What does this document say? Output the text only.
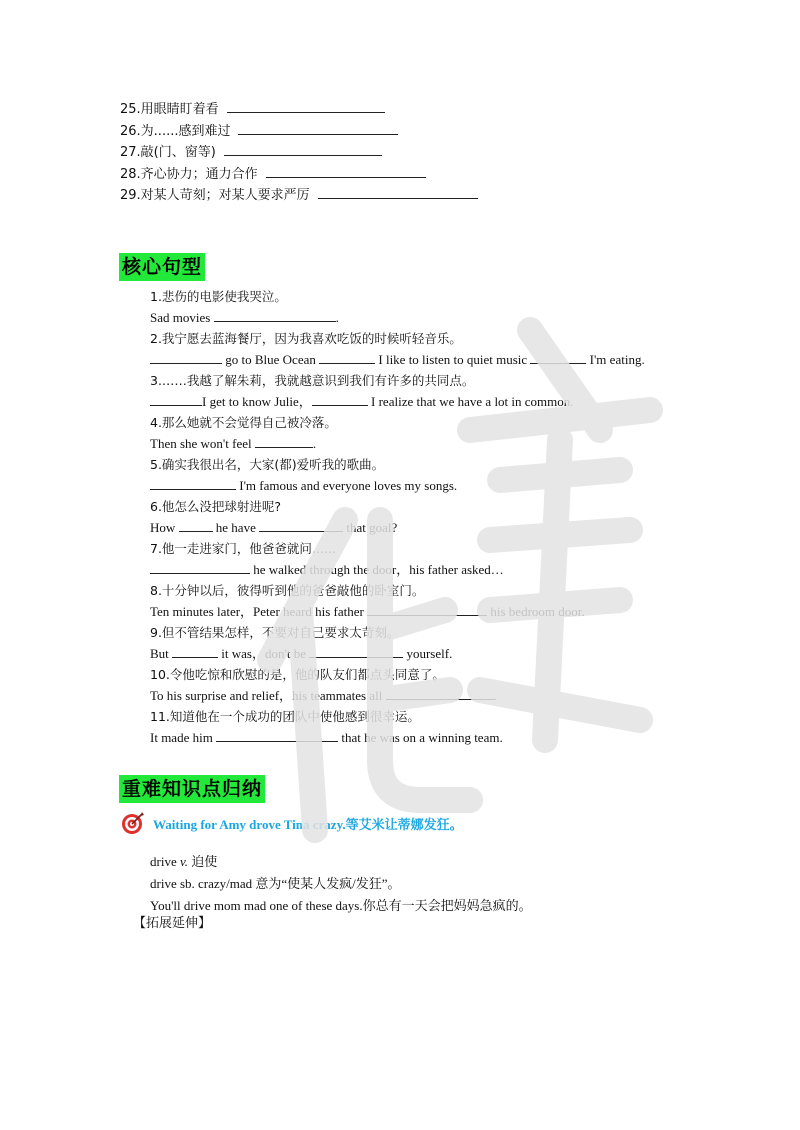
25.用眼睛盯着看
26.为......感到难过
27.敲(门、窗等)
28.齐心协力；通力合作
29.对某人苛刻；对某人要求严厉
核心句型
1.悲伤的电影使我哭泣。
Sad movies	.
2.我宁愿去蓝海餐厅，因为我喜欢吃饭的时候听轻音乐。
go to Blue Ocean	I like to listen to quiet music	I'm eating.
3.……我越了解朱莉，我就越意识到我们有许多的共同点。
I get to know Julie，	I realize that we have a lot in common.
4.那么她就不会觉得自己被冷落。
Then she won't feel	.
5.确实我很出名，大家(都)爱听我的歌曲。
I'm famous and everyone loves my songs.
6.他怎么没把球射进呢?
How	he have	that goal?
7.他一走进家门，他爸爸就问......
he walked through the door，his father asked…
8.十分钟以后，彼得听到他的爸爸敲他的卧室门。
Ten minutes later，Peter heard his father	his bedroom door.
9.但不管结果怎样，不要对自己要求太苛刻。
But	it was，don't be	yourself.
10.令他吃惊和欣慰的是，他的队友们都点头同意了。
To his surprise and relief，his teammates all	.
11.知道他在一个成功的团队中使他感到很幸运。
It made him	that he was on a winning team.
重难知识点归纳
Waiting for Amy drove Tina crazy.等艾米让蒂娜发狂。
drive v. 迫使
drive sb. crazy/mad 意为“使某人发疯/发狂”。
You'll drive mom mad one of these days.你总有一天会把妈妈急疯的。
【拓展延伸】
